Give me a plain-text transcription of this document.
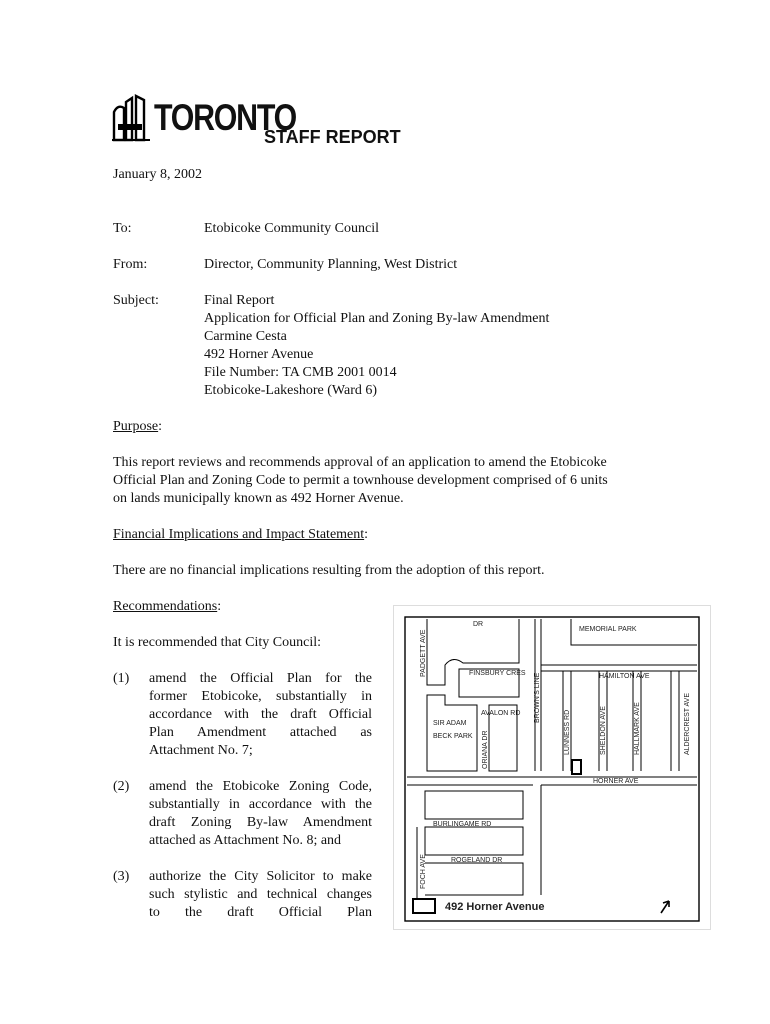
TORONTO
STAFF REPORT
January 8, 2002
To:	Etobicoke Community Council
From:	Director, Community Planning, West District
Subject:	Final Report
Application for Official Plan and Zoning By-law Amendment
Carmine Cesta
492 Horner Avenue
File Number: TA CMB 2001 0014
Etobicoke-Lakeshore (Ward 6)
Purpose:
This report reviews and recommends approval of an application to amend the Etobicoke
Official Plan and Zoning Code to permit a townhouse development comprised of 6 units
on lands municipally known as 492 Horner Avenue.
Financial Implications and Impact Statement:
There are no financial implications resulting from the adoption of this report.
Recommendations:
It is recommended that City Council:
(1) amend the Official Plan for the
former Etobicoke, substantially in
accordance with the draft Official
Plan Amendment attached as
Attachment No. 7;
(2) amend the Etobicoke Zoning Code,
substantially in accordance with the
draft Zoning By-law Amendment
attached as Attachment No. 8; and
(3) authorize the City Solicitor to make
such stylistic and technical changes
to the draft Official Plan
DR
MEMORIAL PARK
FINSBURY CRES	HAMILTON AVE
SIR ADAM
BECK PARK
AVALON RD
HORNER AVE
BURLINGAME RD
ROGELAND DR
PADGETT AVE
BROWN'S LINE
ORIANA DR	LUNNESS RD	SHELDON AVE	HALLMARK AVE	ALDERCREST AVE
FOCH AVE
492 Horner Avenue
